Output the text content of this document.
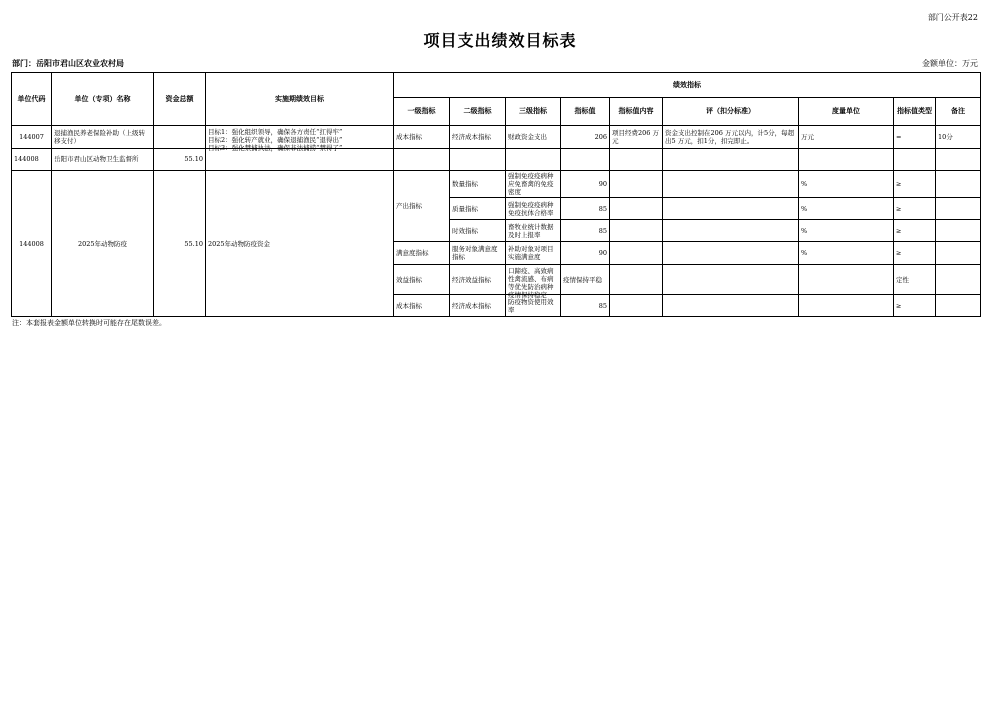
部门公开表22
项目支出绩效目标表
部门：岳阳市君山区农业农村局	金额单位：万元
单位代码	单位（专项）名称	资金总额	实施期绩效目标	绩效指标								
				一级指标	二级指标	三级指标	指标值	指标值内容	评（扣分标准）	度量单位	指标值类型	备注
144007	退捕渔民养老保险补助（上级转移支付）		目标1：强化组织领导，确保各方责任“扛得牢”
目标2：强化转产就业，确保退捕渔民“退得出”
目标3：强化禁捕执法，确保非法捕捞“禁得了”	成本指标	经济成本指标	财政资金支出	206	项目经费206 万元	资金支出控制在206 万元以内，计5分，每超出5 万元，扣1分，扣完即止。	万元	=	10分
144008	岳阳市君山区动物卫生监督所	55.10										
144008	2025年动物防疫	55.10	2025年动物防疫资金	产出指标	数量指标	强制免疫疫病种应免畜禽的免疫密度	90			%	≥	
					质量指标	强制免疫疫病种免疫抗体合格率	85			%	≥	
					时效指标	畜牧业统计数据及时上报率	85			%	≥	
				满意度指标	服务对象满意度指标	补助对象对项目实施满意度	90			%	≥	
				效益指标	经济效益指标	口蹄疫、高致病性禽流感、布病等优先防治病种疫情保持稳定	疫情保持平稳				定性	
				成本指标	经济成本指标	防疫物资使用效率	85				≥	
注：本套报表金额单位转换时可能存在尾数误差。
